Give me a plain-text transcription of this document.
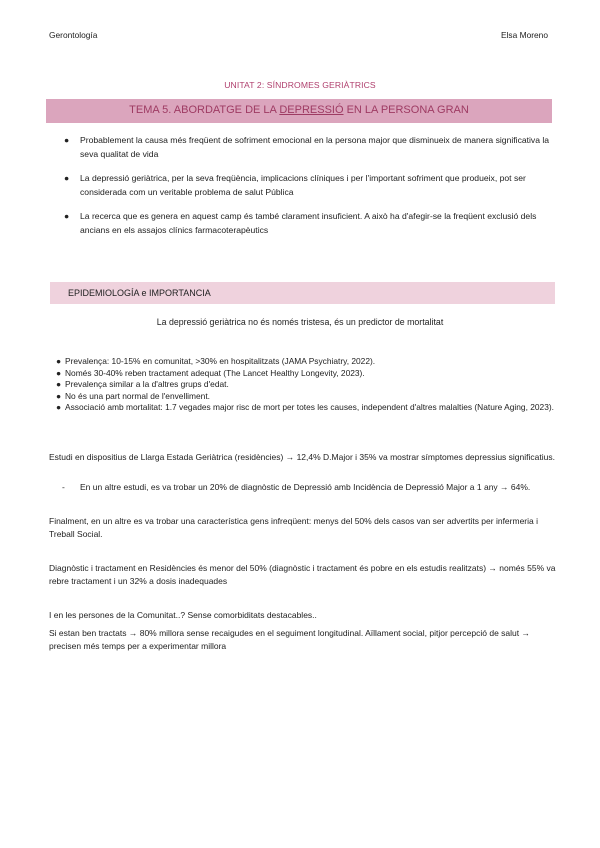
Gerontología	Elsa Moreno
UNITAT 2: SÍNDROMES GERIÀTRICS
TEMA 5. ABORDATGE DE LA DEPRESSIÓ EN LA PERSONA GRAN
● Probablement la causa més freqüent de sofriment emocional en la persona major que disminueix de manera significativa la seva qualitat de vida
● La depressió geriàtrica, per la seva freqüència, implicacions clíniques i per l'important sofriment que produeix, pot ser considerada com un veritable problema de salut Pública
● La recerca que es genera en aquest camp és també clarament insuficient. A això ha d'afegir-se la freqüent exclusió dels ancians en els assajos clínics farmacoterapèutics
EPIDEMIOLOGÍA e IMPORTANCIA
La depressió geriàtrica no és només tristesa, és un predictor de mortalitat
● Prevalença: 10-15% en comunitat, >30% en hospitalitzats (JAMA Psychiatry, 2022).
● Només 30-40% reben tractament adequat (The Lancet Healthy Longevity, 2023).
● Prevalença similar a la d'altres grups d'edat.
● No és una part normal de l'envelliment.
● Associació amb mortalitat: 1.7 vegades major risc de mort per totes les causes, independent d'altres malalties (Nature Aging, 2023).
Estudi en dispositius de Llarga Estada Geriàtrica (residències) → 12,4% D.Major i 35% va mostrar símptomes depressius significatius.
- En un altre estudi, es va trobar un 20% de diagnòstic de Depressió amb Incidència de Depressió Major a 1 any → 64%.
Finalment, en un altre es va trobar una característica gens infreqüent: menys del 50% dels casos van ser advertits per infermeria i Treball Social.
Diagnòstic i tractament en Residències és menor del 50% (diagnòstic i tractament és pobre en els estudis realitzats) → només 55% va rebre tractament i un 32% a dosis inadequades
I en les persones de la Comunitat..? Sense comorbiditats destacables..
Si estan ben tractats → 80% millora sense recaigudes en el seguiment longitudinal. Aïllament social, pitjor percepció de salut → precisen més temps per a experimentar millora
